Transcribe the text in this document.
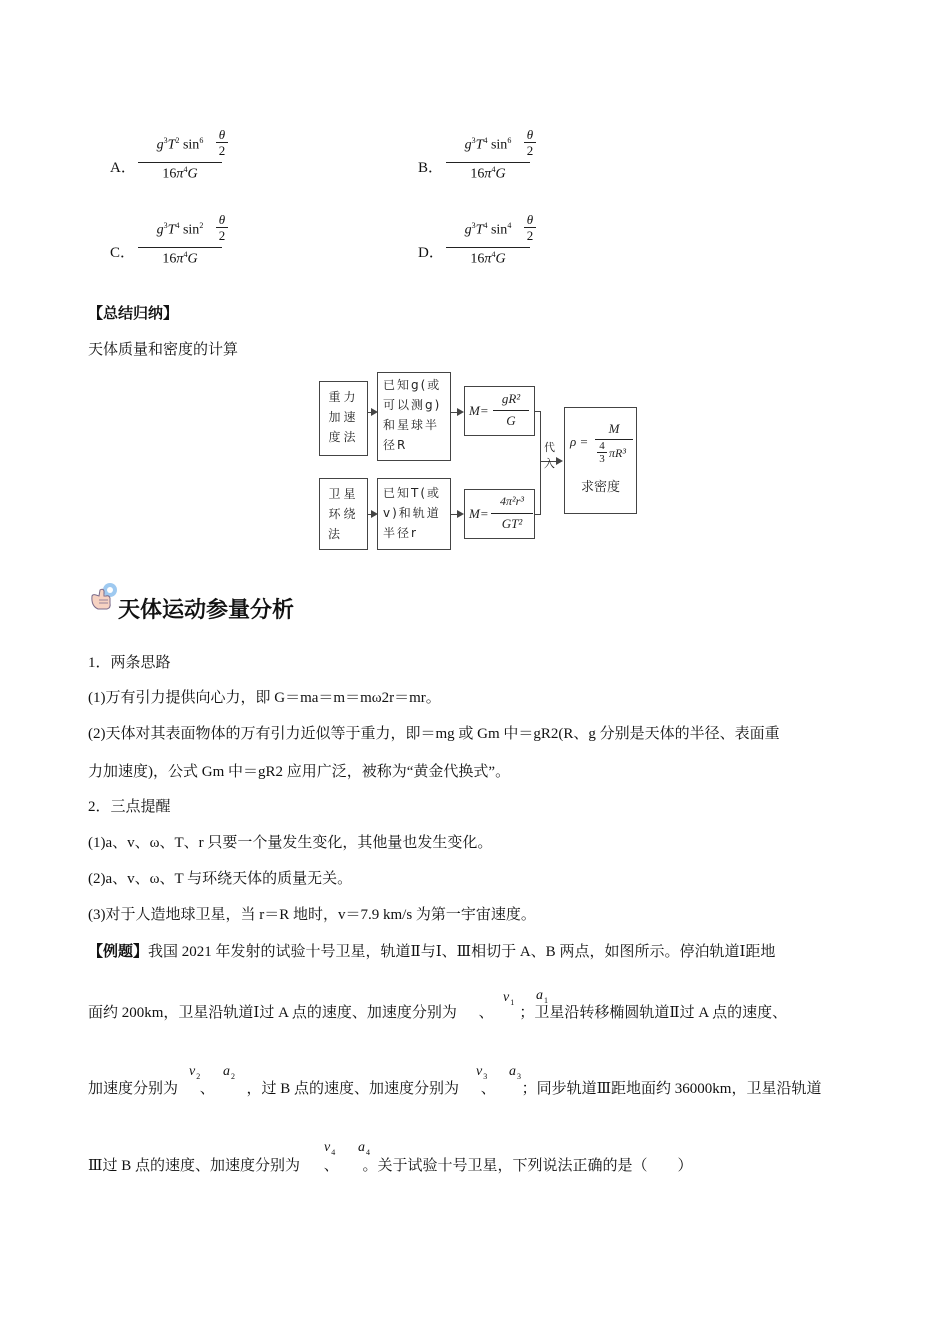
A．
$g^3T^2$ $\sin^6 \theta$
2
$16\pi^4G$	B．
$g^3T^4$ $\sin^6 \theta$
2
$16\pi^4G$
C．
$g^3T^4$ $\sin^2 \theta$
2
$16\pi^4G$	D．
$g^3T^4$ $\sin^4 \theta$
2
$16\pi^4G$
【总结归纳】
天体质量和密度的计算
重力
加速
度法
已知g(或
可以测g)
和星球半
径R
M=
gR²
G
卫星
环绕
法
已知T(或
v)和轨道
半径r
M=
4π²r³
GT²
代
入
ρ =
M
4
3 πR³
求密度
天体运动参量分析
1．两条思路
(1)万有引力提供向心力，即 G＝ma＝m＝mω2r＝mr。
(2)天体对其表面物体的万有引力近似等于重力，即＝mg 或 Gm 中＝gR2(R、g 分别是天体的半径、表面重
力加速度)，公式 Gm 中＝gR2 应用广泛，被称为“黄金代换式”。
2．三点提醒
(1)a、v、ω、T、r 只要一个量发生变化，其他量也发生变化。
(2)a、v、ω、T 与环绕天体的质量无关。
(3)对于人造地球卫星，当 r＝R 地时，v＝7.9 km/s 为第一宇宙速度。
【例题】我国 2021 年发射的试验十号卫星，轨道Ⅱ与Ⅰ、Ⅲ相切于 A、B 两点，如图所示。停泊轨道Ⅰ距地
面约 200km，卫星沿轨道Ⅰ过 A 点的速度、加速度分别为 、 ；卫星沿转移椭圆轨道Ⅱ过 A 点的速度、
$v_1$ $a_1$
加速度分别为 、 ，过 B 点的速度、加速度分别为 、 ；同步轨道Ⅲ距地面约 36000km，卫星沿轨道
$v_2$ $a_2$	$v_3$ $a_3$
Ⅲ过 B 点的速度、加速度分别为 、 。关于试验十号卫星，下列说法正确的是（　　）
$v_4$ $a_4$
